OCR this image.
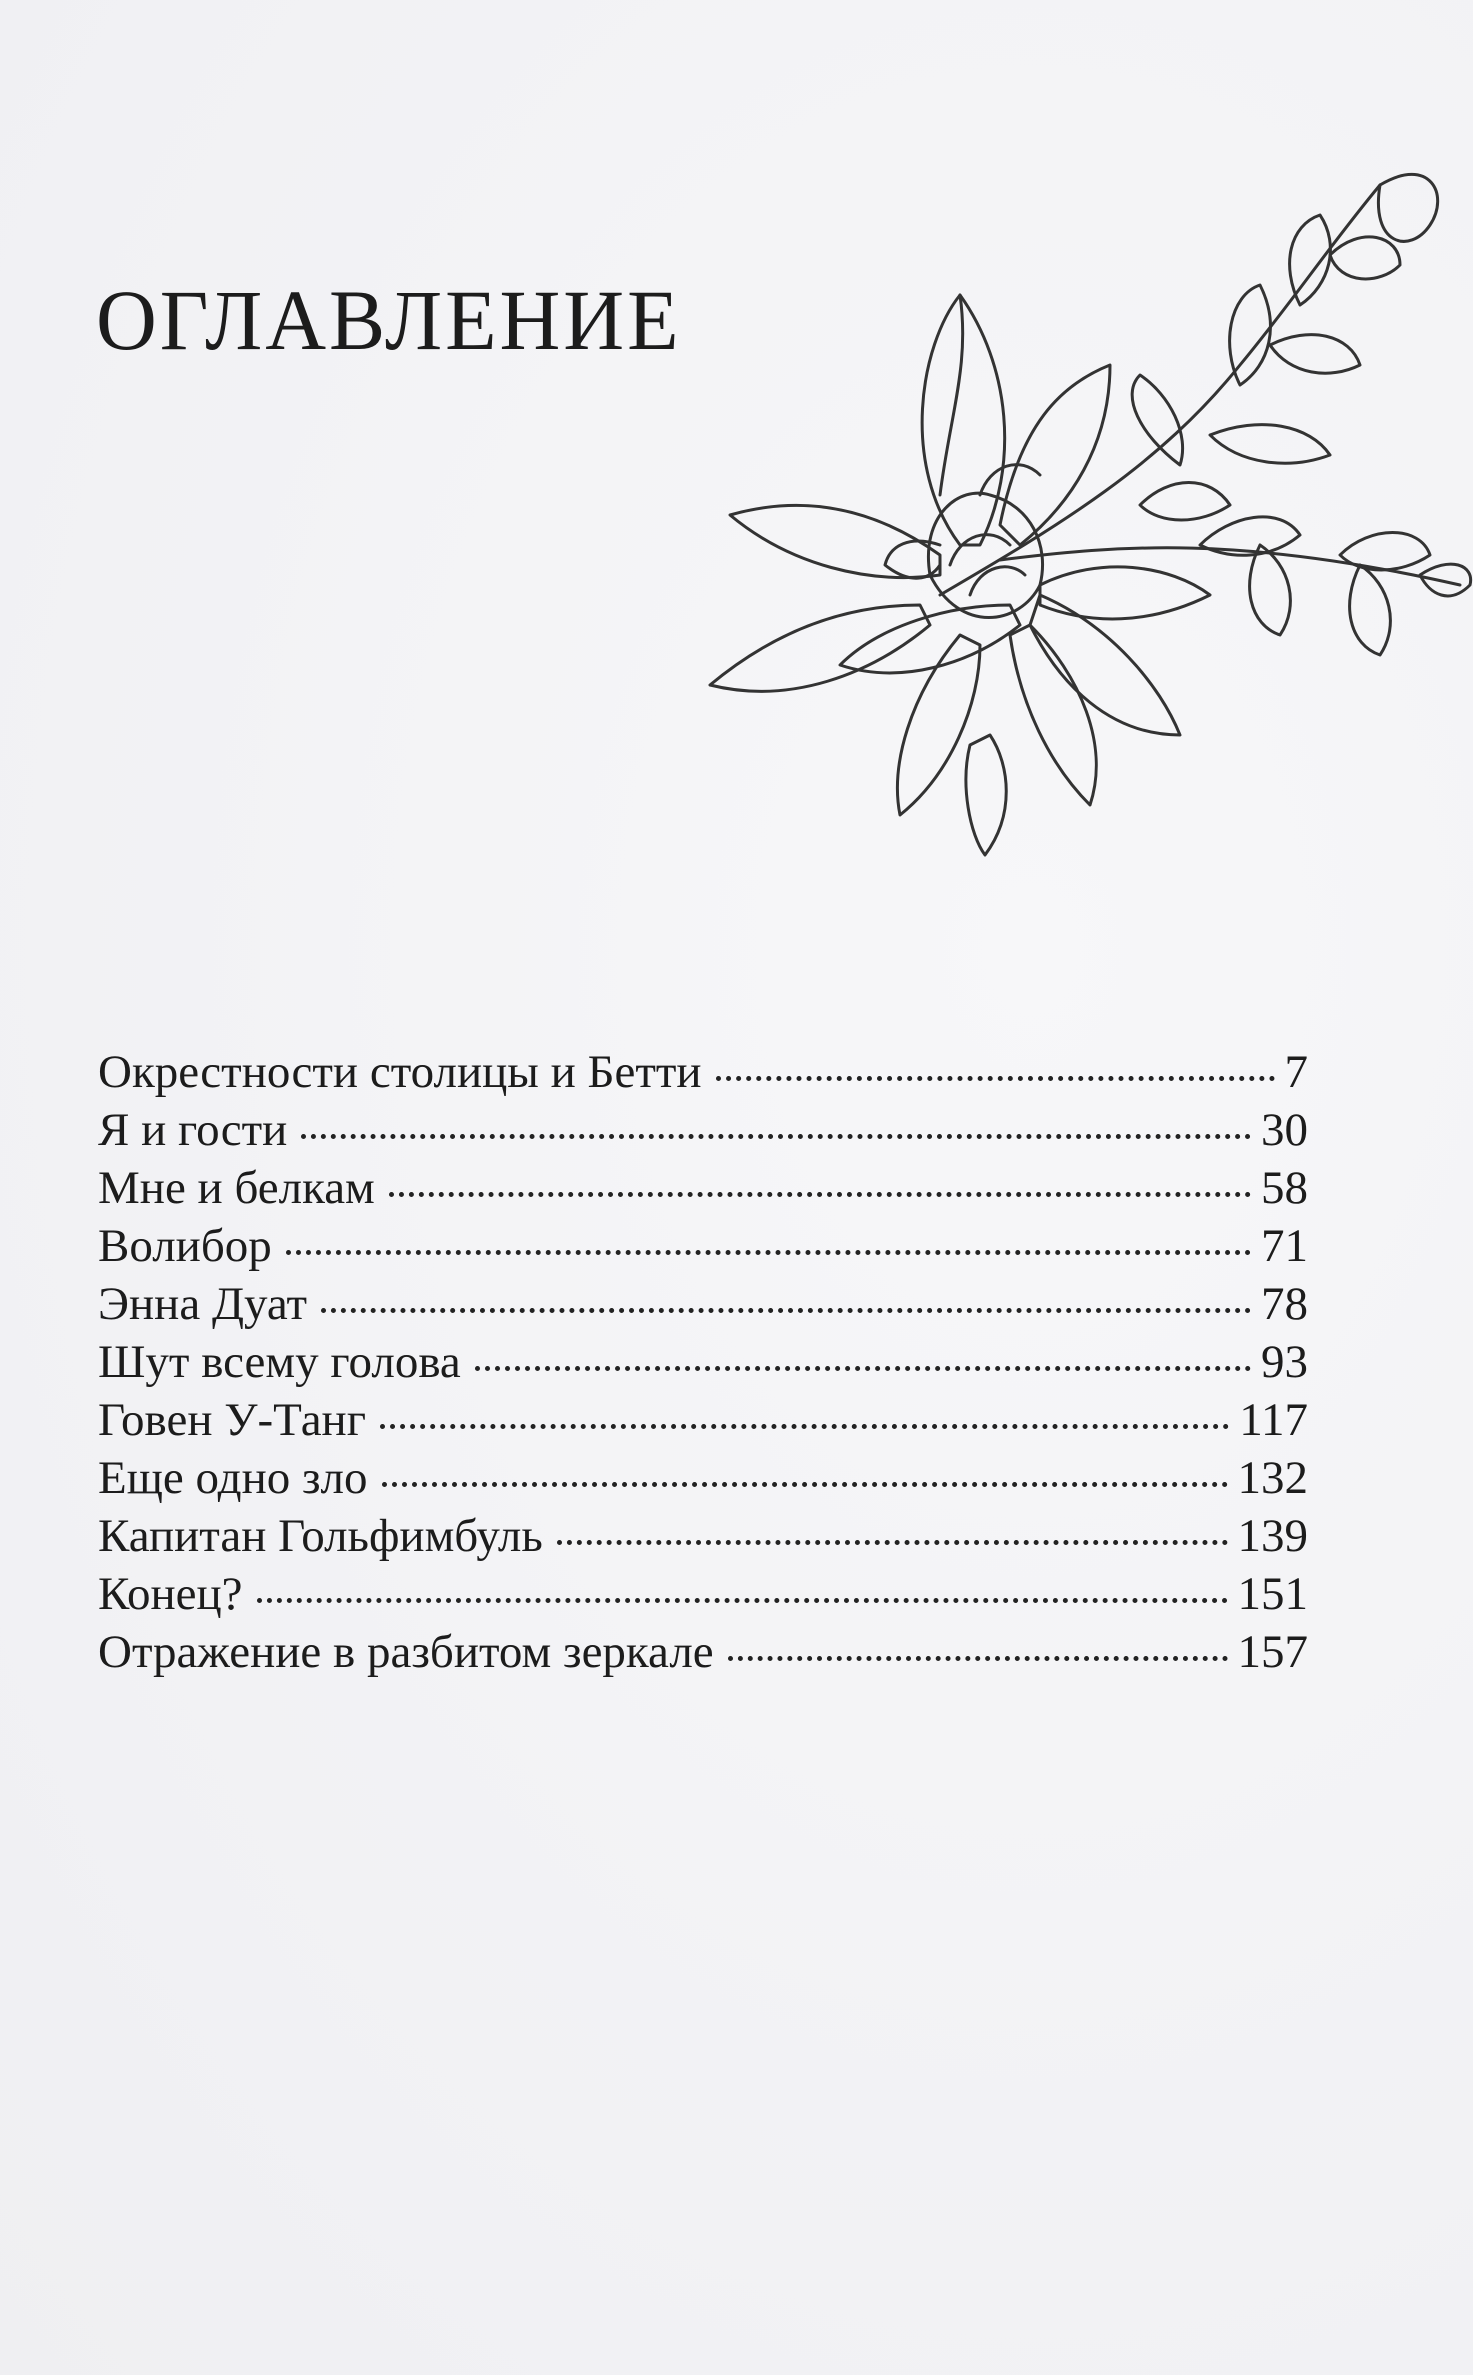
ОГЛАВЛЕНИЕ
Окрестности столицы и Бетти	7
Я и гости	30
Мне и белкам	58
Волибор	71
Энна Дуат	78
Шут всему голова	93
Говен У-Танг	117
Еще одно зло	132
Капитан Гольфимбуль	139
Конец?	151
Отражение в разбитом зеркале	157
